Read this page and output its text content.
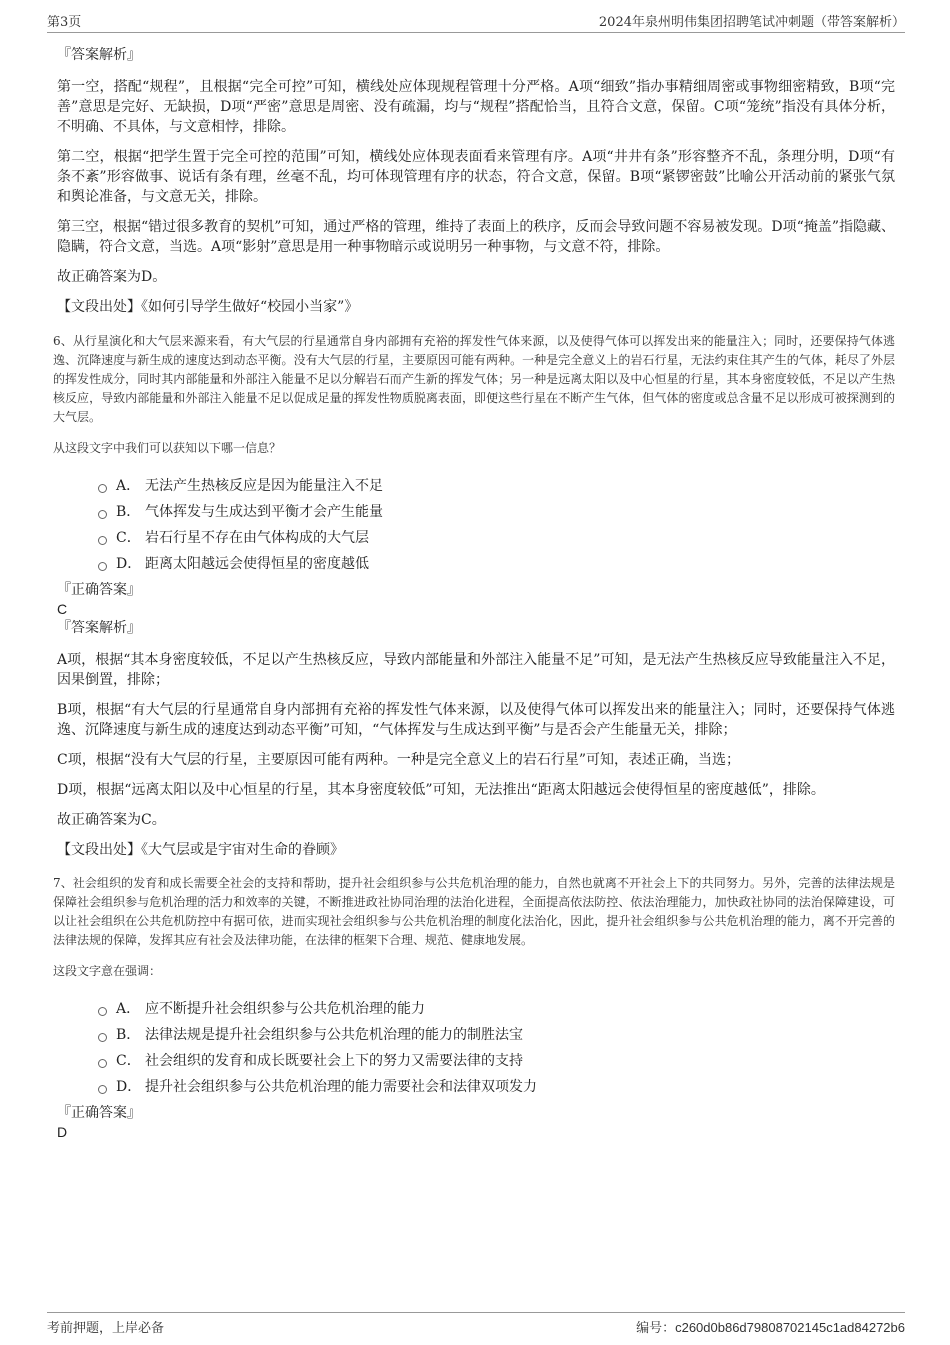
第3页	2024年泉州明伟集团招聘笔试冲刺题（带答案解析）

『答案解析』

第一空，搭配“规程”，且根据“完全可控”可知，横线处应体现规程管理十分严格。A项“细致”指办事精细周密或事物细密精致，B项“完善”意思是完好、无缺损，D项“严密”意思是周密、没有疏漏，均与“规程”搭配恰当，且符合文意，保留。C项“笼统”指没有具体分析，不明确、不具体，与文意相悖，排除。

第二空，根据“把学生置于完全可控的范围”可知，横线处应体现表面看来管理有序。A项“井井有条”形容整齐不乱，条理分明，D项“有条不紊”形容做事、说话有条有理，丝毫不乱，均可体现管理有序的状态，符合文意，保留。B项“紧锣密鼓”比喻公开活动前的紧张气氛和舆论准备，与文意无关，排除。

第三空，根据“错过很多教育的契机”可知，通过严格的管理，维持了表面上的秩序，反而会导致问题不容易被发现。D项“掩盖”指隐藏、隐瞒，符合文意，当选。A项“影射”意思是用一种事物暗示或说明另一种事物，与文意不符，排除。

故正确答案为D。

【文段出处】《如何引导学生做好“校园小当家”》

6、从行星演化和大气层来源来看，有大气层的行星通常自身内部拥有充裕的挥发性气体来源，以及使得气体可以挥发出来的能量注入；同时，还要保持气体逃逸、沉降速度与新生成的速度达到动态平衡。没有大气层的行星，主要原因可能有两种。一种是完全意义上的岩石行星，无法约束住其产生的气体，耗尽了外层的挥发性成分，同时其内部能量和外部注入能量不足以分解岩石而产生新的挥发气体；另一种是远离太阳以及中心恒星的行星，其本身密度较低，不足以产生热核反应，导致内部能量和外部注入能量不足以促成足量的挥发性物质脱离表面，即便这些行星在不断产生气体，但气体的密度或总含量不足以形成可被探测到的大气层。

从这段文字中我们可以获知以下哪一信息？

A． 无法产生热核反应是因为能量注入不足
B． 气体挥发与生成达到平衡才会产生能量
C． 岩石行星不存在由气体构成的大气层
D． 距离太阳越远会使得恒星的密度越低

『正确答案』

C

『答案解析』

A项，根据“其本身密度较低，不足以产生热核反应，导致内部能量和外部注入能量不足”可知，是无法产生热核反应导致能量注入不足，因果倒置，排除；

B项，根据“有大气层的行星通常自身内部拥有充裕的挥发性气体来源，以及使得气体可以挥发出来的能量注入；同时，还要保持气体逃逸、沉降速度与新生成的速度达到动态平衡”可知，“气体挥发与生成达到平衡”与是否会产生能量无关，排除；

C项，根据“没有大气层的行星，主要原因可能有两种。一种是完全意义上的岩石行星”可知，表述正确，当选；

D项，根据“远离太阳以及中心恒星的行星，其本身密度较低”可知，无法推出“距离太阳越远会使得恒星的密度越低”，排除。

故正确答案为C。

【文段出处】《大气层或是宇宙对生命的眷顾》

7、社会组织的发育和成长需要全社会的支持和帮助，提升社会组织参与公共危机治理的能力，自然也就离不开社会上下的共同努力。另外，完善的法律法规是保障社会组织参与危机治理的活力和效率的关键，不断推进政社协同治理的法治化进程，全面提高依法防控、依法治理能力，加快政社协同的法治保障建设，可以让社会组织在公共危机防控中有据可依，进而实现社会组织参与公共危机治理的制度化法治化，因此，提升社会组织参与公共危机治理的能力，离不开完善的法律法规的保障，发挥其应有社会及法律功能，在法律的框架下合理、规范、健康地发展。

这段文字意在强调：

A． 应不断提升社会组织参与公共危机治理的能力
B． 法律法规是提升社会组织参与公共危机治理的能力的制胜法宝
C． 社会组织的发育和成长既要社会上下的努力又需要法律的支持
D． 提升社会组织参与公共危机治理的能力需要社会和法律双项发力

『正确答案』

D

考前押题，上岸必备	编号：c260d0b86d79808702145c1ad84272b6
